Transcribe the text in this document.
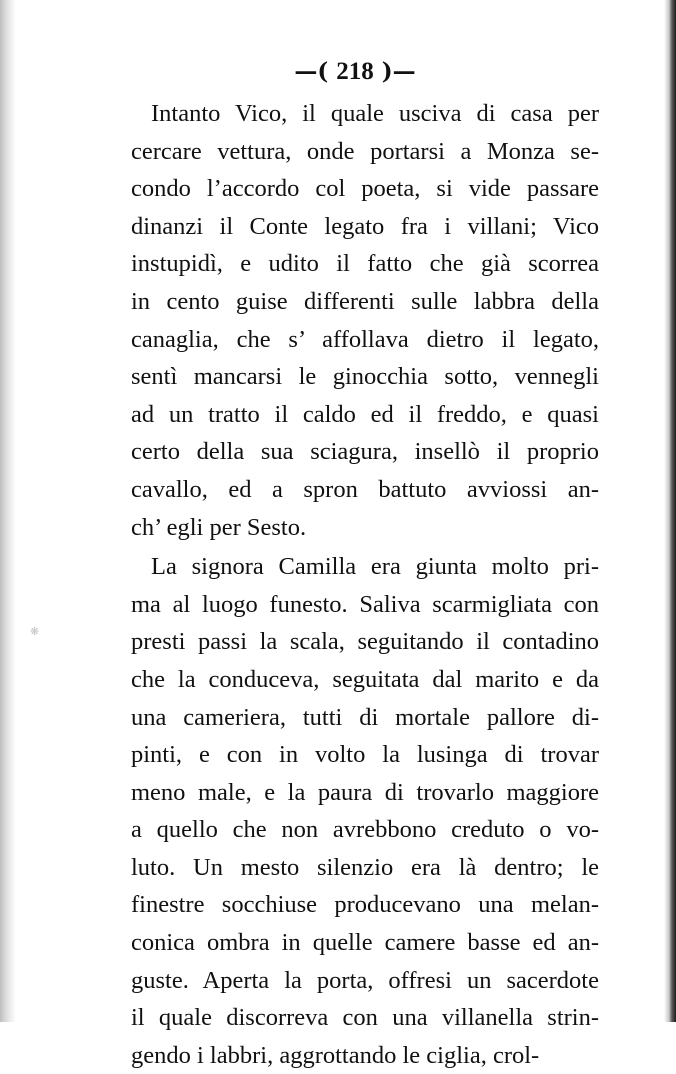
❋
—( 218 )—
Intanto Vico, il quale usciva di casa per
cercare vettura, onde portarsi a Monza se-
condo l’accordo col poeta, si vide passare
dinanzi il Conte legato fra i villani; Vico
instupidì, e udito il fatto che già scorrea
in cento guise differenti sulle labbra della
canaglia, che s’ affollava dietro il legato,
sentì mancarsi le ginocchia sotto, vennegli
ad un tratto il caldo ed il freddo, e quasi
certo della sua sciagura, insellò il proprio
cavallo, ed a spron battuto avviossi an-
ch’ egli per Sesto.
La signora Camilla era giunta molto pri-
ma al luogo funesto. Saliva scarmigliata con
presti passi la scala, seguitando il contadino
che la conduceva, seguitata dal marito e da
una cameriera, tutti di mortale pallore di-
pinti, e con in volto la lusinga di trovar
meno male, e la paura di trovarlo maggiore
a quello che non avrebbono creduto o vo-
luto. Un mesto silenzio era là dentro; le
finestre socchiuse producevano una melan-
conica ombra in quelle camere basse ed an-
guste. Aperta la porta, offresi un sacerdote
il quale discorreva con una villanella strin-
gendo i labbri, aggrottando le ciglia, crol-
